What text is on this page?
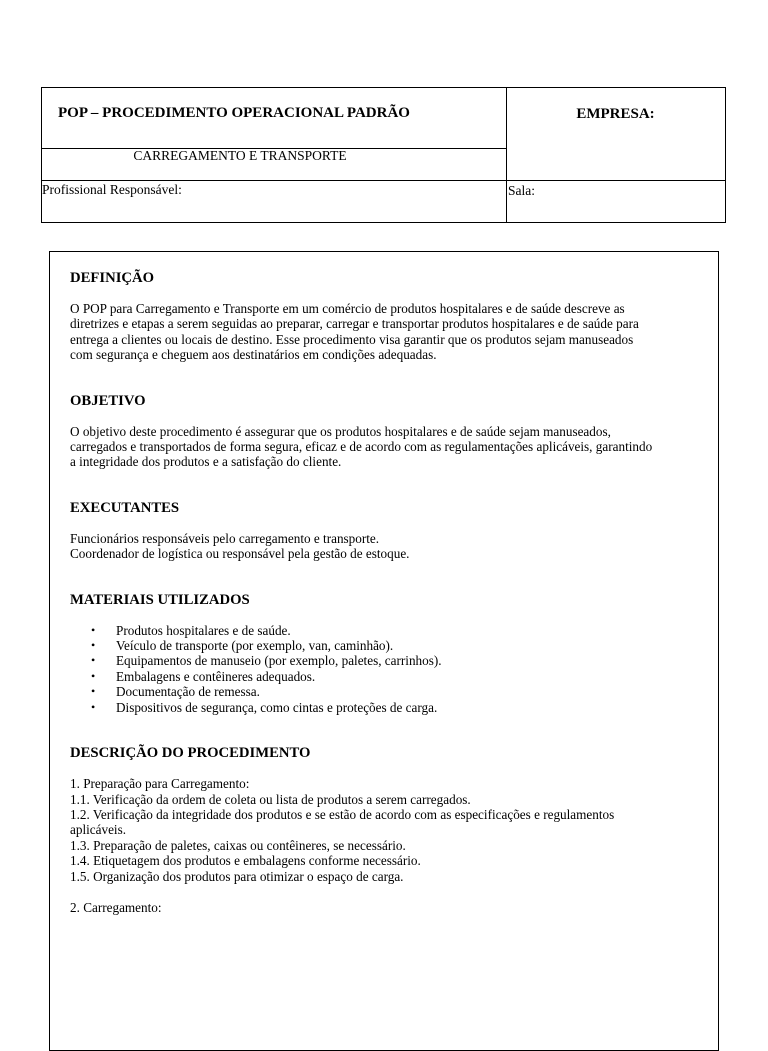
POP – PROCEDIMENTO OPERACIONAL PADRÃO	EMPRESA:
CARREGAMENTO E TRANSPORTE
Profissional Responsável:	Sala:
DEFINIÇÃO

O POP para Carregamento e Transporte em um comércio de produtos hospitalares e de saúde descreve as

diretrizes e etapas a serem seguidas ao preparar, carregar e transportar produtos hospitalares e de saúde para

entrega a clientes ou locais de destino. Esse procedimento visa garantir que os produtos sejam manuseados

com segurança e cheguem aos destinatários em condições adequadas.

OBJETIVO

O objetivo deste procedimento é assegurar que os produtos hospitalares e de saúde sejam manuseados,

carregados e transportados de forma segura, eficaz e de acordo com as regulamentações aplicáveis, garantindo

a integridade dos produtos e a satisfação do cliente.

EXECUTANTES

Funcionários responsáveis pelo carregamento e transporte.

Coordenador de logística ou responsável pela gestão de estoque.

MATERIAIS UTILIZADOS
• Produtos hospitalares e de saúde.
• Veículo de transporte (por exemplo, van, caminhão).
• Equipamentos de manuseio (por exemplo, paletes, carrinhos).
• Embalagens e contêineres adequados.
• Documentação de remessa.
• Dispositivos de segurança, como cintas e proteções de carga.
DESCRIÇÃO DO PROCEDIMENTO

1. Preparação para Carregamento:

1.1. Verificação da ordem de coleta ou lista de produtos a serem carregados.

1.2. Verificação da integridade dos produtos e se estão de acordo com as especificações e regulamentos

aplicáveis.

1.3. Preparação de paletes, caixas ou contêineres, se necessário.

1.4. Etiquetagem dos produtos e embalagens conforme necessário.

1.5. Organização dos produtos para otimizar o espaço de carga.

2. Carregamento:
